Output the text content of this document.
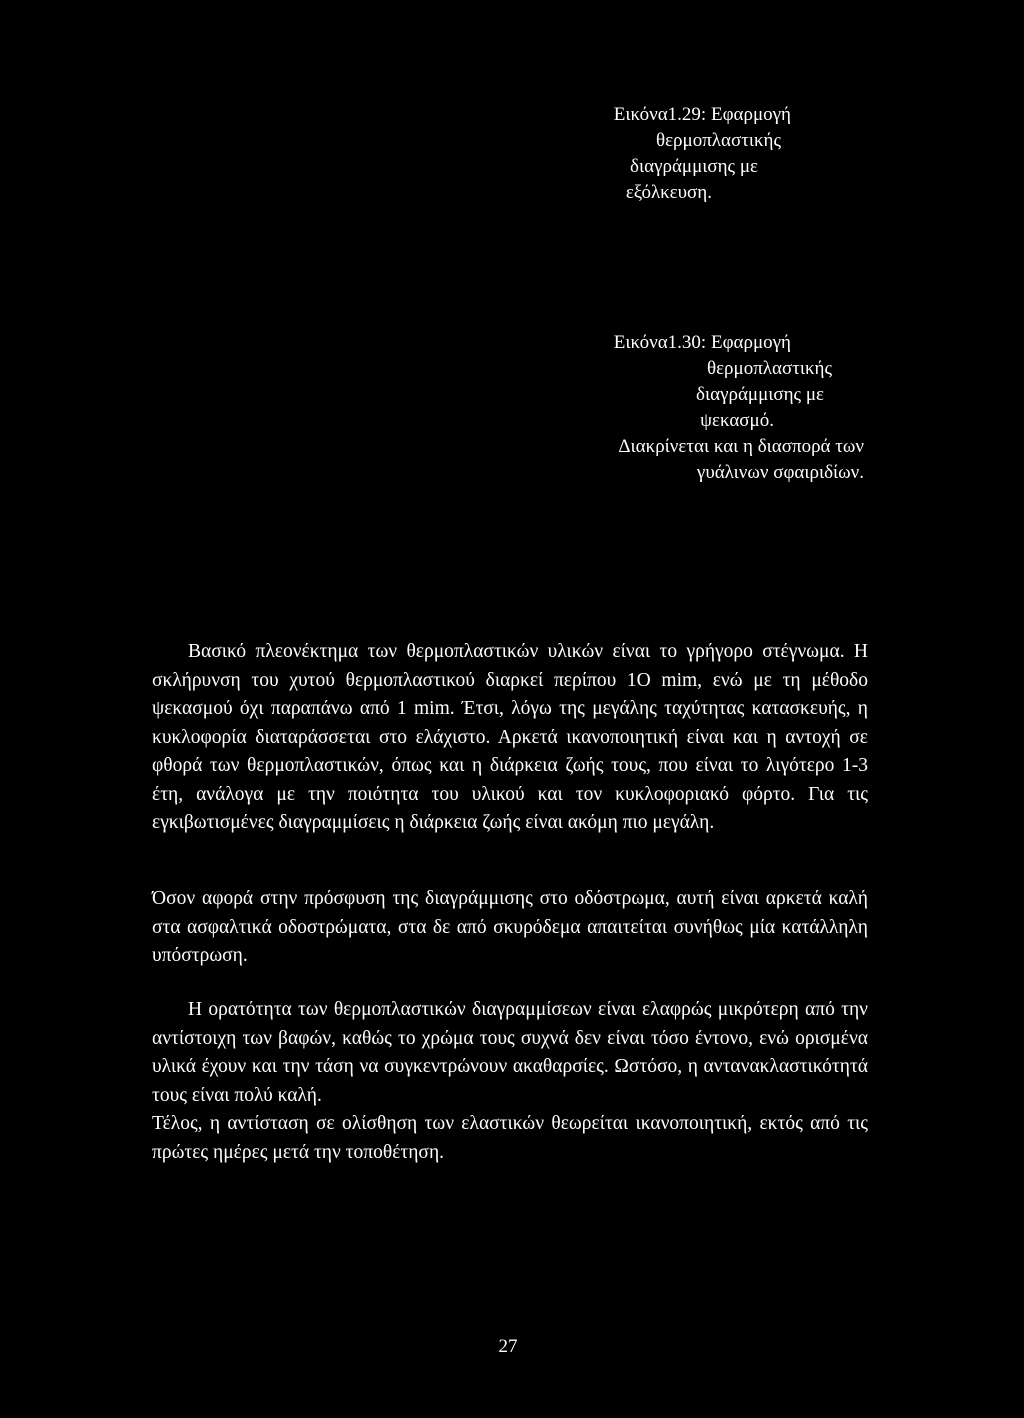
Εικόνα1.29: Εφαρμογή
θερμοπλαστικής
διαγράμμισης με
εξόλκευση.
Εικόνα1.30: Εφαρμογή
θερμοπλαστικής
διαγράμμισης με
ψεκασμό.
Διακρίνεται και η διασπορά των
γυάλινων σφαιριδίων.

Βασικό πλεονέκτημα των θερμοπλαστικών υλικών είναι το γρήγορο στέγνωμα. Η σκλήρυνση του χυτού θερμοπλαστικού διαρκεί περίπου 1O mim, ενώ με τη μέθοδο ψεκασμού όχι παραπάνω από 1 mim. Έτσι, λόγω της μεγάλης ταχύτητας κατασκευής, η κυκλοφορία διαταράσσεται στο ελάχιστο. Αρκετά ικανοποιητική είναι και η αντοχή σε φθορά των θερμοπλαστικών, όπως και η διάρκεια ζωής τους, που είναι το λιγότερο 1-3 έτη, ανάλογα με την ποιότητα του υλικού και τον κυκλοφοριακό φόρτο. Για τις εγκιβωτισμένες διαγραμμίσεις η διάρκεια ζωής είναι ακόμη πιο μεγάλη.

Όσον αφορά στην πρόσφυση της διαγράμμισης στο οδόστρωμα, αυτή είναι αρκετά καλή στα ασφαλτικά οδοστρώματα, στα δε από σκυρόδεμα απαιτείται συνήθως μία κατάλληλη υπόστρωση.

Η ορατότητα των θερμοπλαστικών διαγραμμίσεων είναι ελαφρώς μικρότερη από την αντίστοιχη των βαφών, καθώς το χρώμα τους συχνά δεν είναι τόσο έντονο, ενώ ορισμένα υλικά έχουν και την τάση να συγκεντρώνουν ακαθαρσίες. Ωστόσο, η αντανακλαστικότητά τους είναι πολύ καλή.

Τέλος, η αντίσταση σε ολίσθηση των ελαστικών θεωρείται ικανοποιητική, εκτός από τις πρώτες ημέρες μετά την τοποθέτηση.

27
